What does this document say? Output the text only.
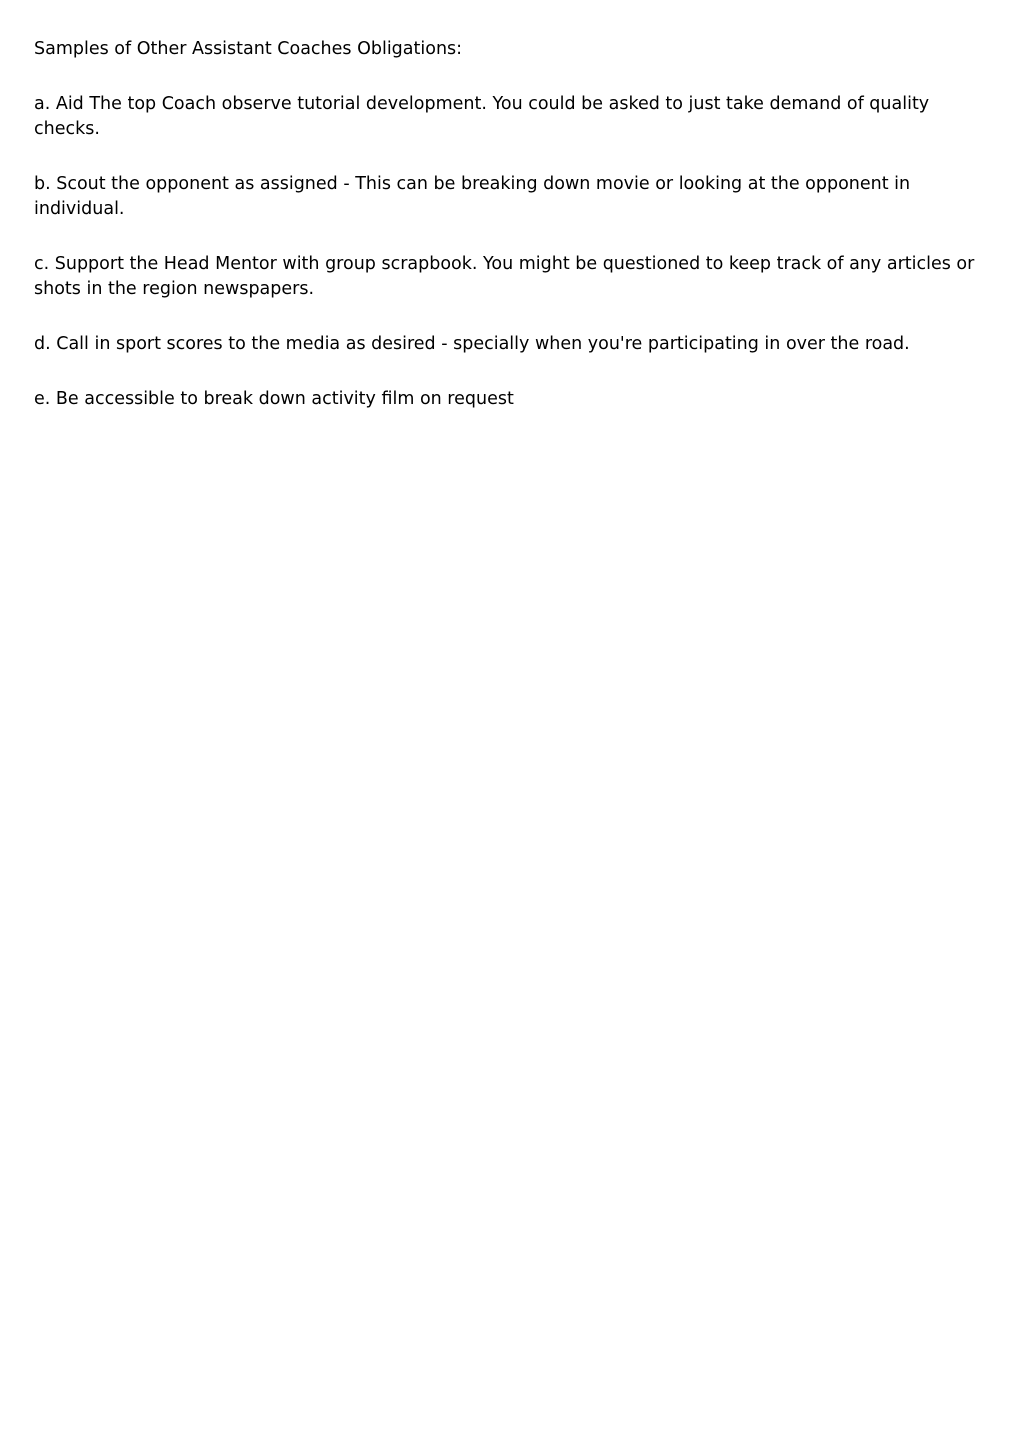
Samples of Other Assistant Coaches Obligations:

a. Aid The top Coach observe tutorial development. You could be asked to just take demand of quality checks.

b. Scout the opponent as assigned - This can be breaking down movie or looking at the opponent in individual.

c. Support the Head Mentor with group scrapbook. You might be questioned to keep track of any articles or shots in the region newspapers.

d. Call in sport scores to the media as desired - specially when you're participating in over the road.

e. Be accessible to break down activity film on request
